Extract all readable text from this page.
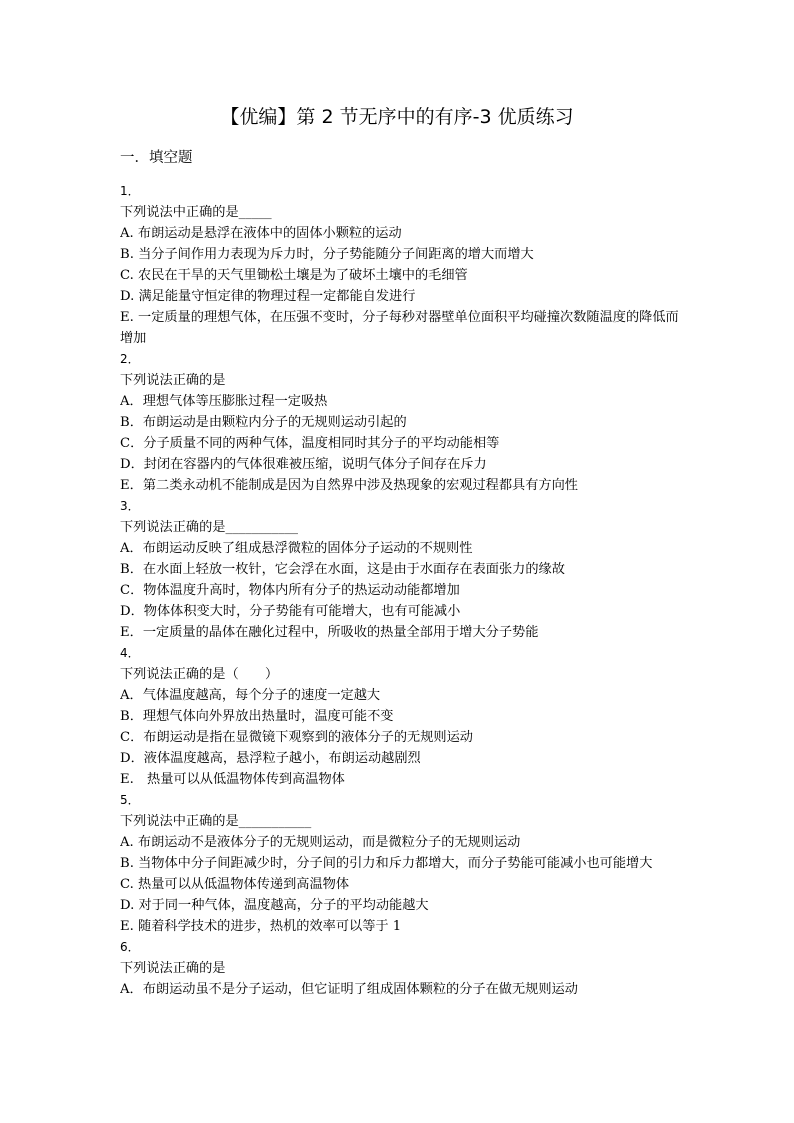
【优编】第 2 节无序中的有序-3 优质练习
一．填空题
1．
下列说法中正确的是_____
A. 布朗运动是悬浮在液体中的固体小颗粒的运动
B. 当分子间作用力表现为斥力时，分子势能随分子间距离的增大而增大
C. 农民在干旱的天气里锄松土壤是为了破坏土壤中的毛细管
D. 满足能量守恒定律的物理过程一定都能自发进行
E. 一定质量的理想气体，在压强不变时，分子每秒对器壁单位面积平均碰撞次数随温度的降低而增加
2．
下列说法正确的是
A．理想气体等压膨胀过程一定吸热
B．布朗运动是由颗粒内分子的无规则运动引起的
C．分子质量不同的两种气体，温度相同时其分子的平均动能相等
D．封闭在容器内的气体很难被压缩，说明气体分子间存在斥力
E．第二类永动机不能制成是因为自然界中涉及热现象的宏观过程都具有方向性
3．
下列说法正确的是___________
A．布朗运动反映了组成悬浮微粒的固体分子运动的不规则性
B．在水面上轻放一枚针，它会浮在水面，这是由于水面存在表面张力的缘故
C．物体温度升高时，物体内所有分子的热运动动能都增加
D．物体体积变大时，分子势能有可能增大，也有可能减小
E．一定质量的晶体在融化过程中，所吸收的热量全部用于增大分子势能
4．
下列说法正确的是（　　）
A．气体温度越高，每个分子的速度一定越大
B．理想气体向外界放出热量时，温度可能不变
C．布朗运动是指在显微镜下观察到的液体分子的无规则运动
D．液体温度越高，悬浮粒子越小，布朗运动越剧烈
E.　热量可以从低温物体传到高温物体
5．
下列说法中正确的是___________
A. 布朗运动不是液体分子的无规则运动，而是微粒分子的无规则运动
B. 当物体中分子间距减少时，分子间的引力和斥力都增大，而分子势能可能减小也可能增大
C. 热量可以从低温物体传递到高温物体
D. 对于同一种气体，温度越高，分子的平均动能越大
E. 随着科学技术的进步，热机的效率可以等于 1
6．
下列说法正确的是
A．布朗运动虽不是分子运动，但它证明了组成固体颗粒的分子在做无规则运动
